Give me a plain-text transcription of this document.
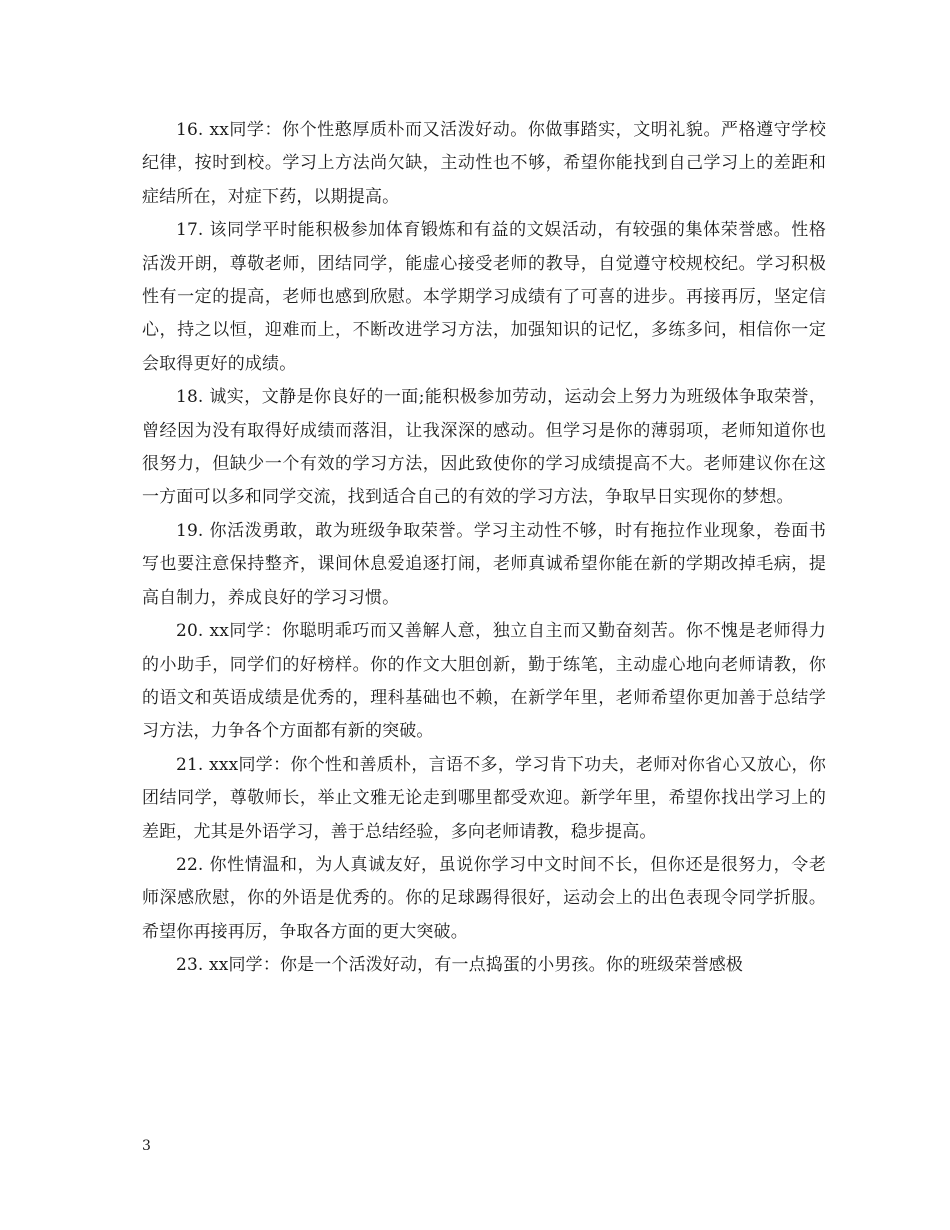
16. xx同学：你个性憨厚质朴而又活泼好动。你做事踏实，文明礼貌。严格遵守学校纪律，按时到校。学习上方法尚欠缺，主动性也不够，希望你能找到自己学习上的差距和症结所在，对症下药，以期提高。

17. 该同学平时能积极参加体育锻炼和有益的文娱活动，有较强的集体荣誉感。性格活泼开朗，尊敬老师，团结同学，能虚心接受老师的教导，自觉遵守校规校纪。学习积极性有一定的提高，老师也感到欣慰。本学期学习成绩有了可喜的进步。再接再厉，坚定信心，持之以恒，迎难而上，不断改进学习方法，加强知识的记忆，多练多问，相信你一定会取得更好的成绩。

18. 诚实，文静是你良好的一面;能积极参加劳动，运动会上努力为班级体争取荣誉，曾经因为没有取得好成绩而落泪，让我深深的感动。但学习是你的薄弱项，老师知道你也很努力，但缺少一个有效的学习方法，因此致使你的学习成绩提高不大。老师建议你在这一方面可以多和同学交流，找到适合自己的有效的学习方法，争取早日实现你的梦想。

19. 你活泼勇敢，敢为班级争取荣誉。学习主动性不够，时有拖拉作业现象，卷面书写也要注意保持整齐，课间休息爱追逐打闹，老师真诚希望你能在新的学期改掉毛病，提高自制力，养成良好的学习习惯。

20. xx同学：你聪明乖巧而又善解人意，独立自主而又勤奋刻苦。你不愧是老师得力的小助手，同学们的好榜样。你的作文大胆创新，勤于练笔，主动虚心地向老师请教，你的语文和英语成绩是优秀的，理科基础也不赖，在新学年里，老师希望你更加善于总结学习方法，力争各个方面都有新的突破。

21. xxx同学：你个性和善质朴，言语不多，学习肯下功夫，老师对你省心又放心，你团结同学，尊敬师长，举止文雅无论走到哪里都受欢迎。新学年里，希望你找出学习上的差距，尤其是外语学习，善于总结经验，多向老师请教，稳步提高。

22. 你性情温和，为人真诚友好，虽说你学习中文时间不长，但你还是很努力，令老师深感欣慰，你的外语是优秀的。你的足球踢得很好，运动会上的出色表现令同学折服。希望你再接再厉，争取各方面的更大突破。

23. xx同学：你是一个活泼好动，有一点捣蛋的小男孩。你的班级荣誉感极

3
